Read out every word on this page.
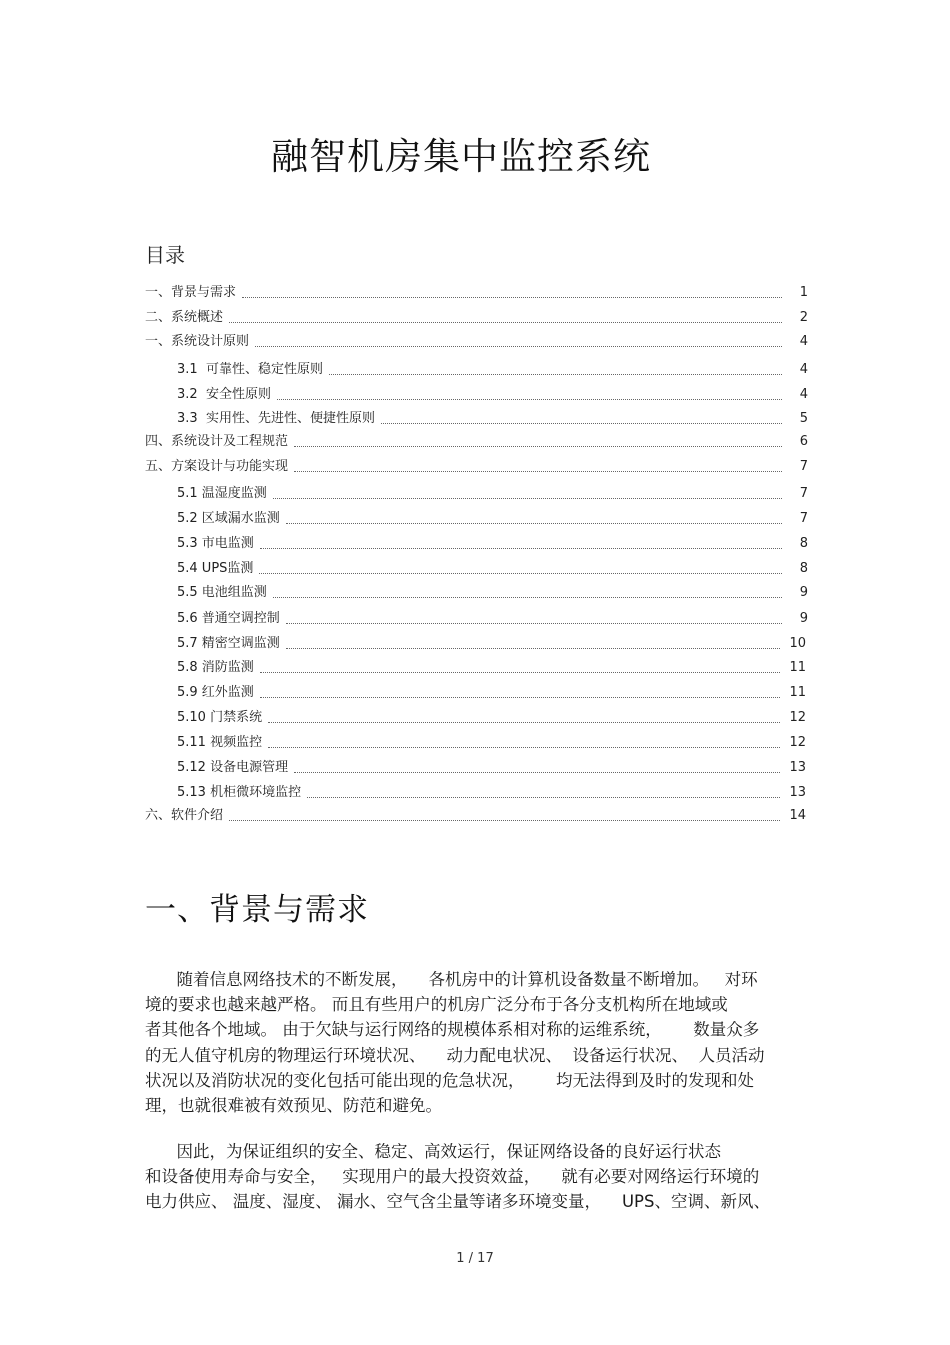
融智机房集中监控系统
目录
一、背景与需求	1
二、系统概述	2
一、系统设计原则	4
3.1  可靠性、稳定性原则	4
3.2  安全性原则	4
3.3  实用性、先进性、便捷性原则	5
四、系统设计及工程规范	6
五、方案设计与功能实现	7
5.1 温湿度监测	7
5.2 区域漏水监测	7
5.3 市电监测	8
5.4 UPS监测	8
5.5 电池组监测	9
5.6 普通空调控制	9
5.7 精密空调监测	10
5.8 消防监测	11
5.9 红外监测	11
5.10 门禁系统	12
5.11 视频监控	12
5.12 设备电源管理	13
5.13 机柜微环境监控	13
六、软件介绍	14
一、背景与需求
随着信息网络技术的不断发展，    各机房中的计算机设备数量不断增加。   对环
境的要求也越来越严格。 而且有些用户的机房广泛分布于各分支机构所在地域或
者其他各个地域。 由于欠缺与运行网络的规模体系相对称的运维系统，      数量众多
的无人值守机房的物理运行环境状况、    动力配电状况、  设备运行状况、  人员活动
状况以及消防状况的变化包括可能出现的危急状况，      均无法得到及时的发现和处
理，也就很难被有效预见、防范和避免。
因此，为保证组织的安全、稳定、高效运行，保证网络设备的良好运行状态
和设备使用寿命与安全，   实现用户的最大投资效益，    就有必要对网络运行环境的
电力供应、 温度、湿度、 漏水、空气含尘量等诸多环境变量，    UPS、空调、新风、
1 / 17
